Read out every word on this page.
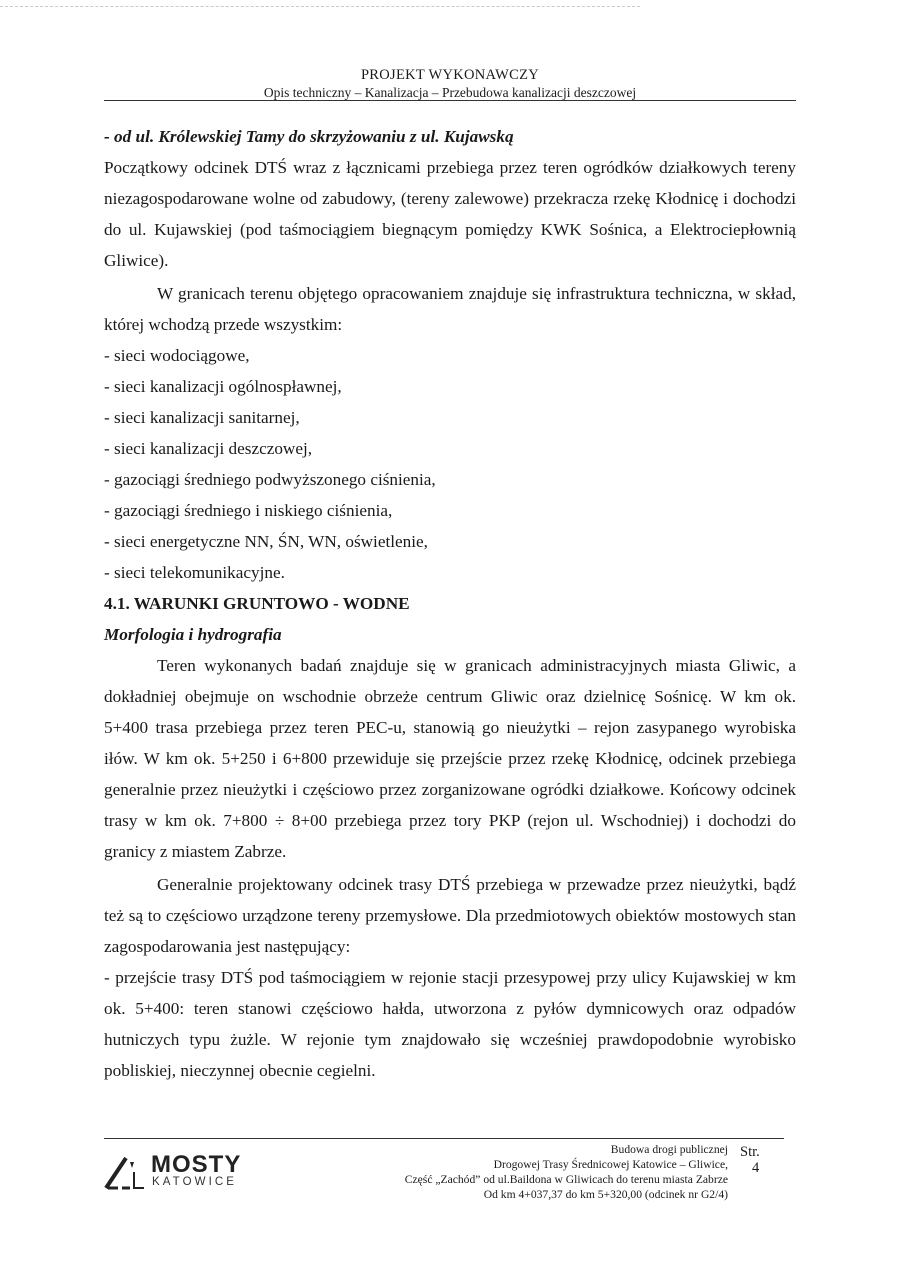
PROJEKT WYKONAWCZY
Opis techniczny – Kanalizacja – Przebudowa kanalizacji deszczowej

- od ul. Królewskiej Tamy do skrzyżowaniu z ul. Kujawską

Początkowy odcinek DTŚ wraz z łącznicami przebiega przez teren ogródków działkowych tereny niezagospodarowane wolne od zabudowy, (tereny zalewowe) przekracza rzekę Kłodnicę i dochodzi do ul. Kujawskiej (pod taśmociągiem biegnącym pomiędzy KWK Sośnica, a Elektrociepłownią Gliwice).

W granicach terenu objętego opracowaniem znajduje się infrastruktura techniczna, w skład, której wchodzą przede wszystkim:

- sieci wodociągowe,
- sieci kanalizacji ogólnospławnej,
- sieci kanalizacji sanitarnej,
- sieci kanalizacji deszczowej,
- gazociągi średniego podwyższonego ciśnienia,
- gazociągi średniego i niskiego ciśnienia,
- sieci energetyczne NN, ŚN, WN, oświetlenie,
- sieci telekomunikacyjne.

4.1. WARUNKI GRUNTOWO - WODNE

Morfologia i hydrografia

Teren wykonanych badań znajduje się w granicach administracyjnych miasta Gliwic, a dokładniej obejmuje on wschodnie obrzeże centrum Gliwic oraz dzielnicę Sośnicę. W km ok. 5+400 trasa przebiega przez teren PEC-u, stanowią go nieużytki – rejon zasypanego wyrobiska iłów. W km ok. 5+250 i 6+800 przewiduje się przejście przez rzekę Kłodnicę, odcinek przebiega generalnie przez nieużytki i częściowo przez zorganizowane ogródki działkowe. Końcowy odcinek trasy w km ok. 7+800 ÷ 8+00 przebiega przez tory PKP (rejon ul. Wschodniej) i dochodzi do granicy z miastem Zabrze.

Generalnie projektowany odcinek trasy DTŚ przebiega w przewadze przez nieużytki, bądź też są to częściowo urządzone tereny przemysłowe. Dla przedmiotowych obiektów mostowych stan zagospodarowania jest następujący:

- przejście trasy DTŚ pod taśmociągiem w rejonie stacji przesypowej przy ulicy Kujawskiej w km ok. 5+400: teren stanowi częściowo hałda, utworzona z pyłów dymnicowych oraz odpadów hutniczych typu żużle. W rejonie tym znajdowało się wcześniej prawdopodobnie wyrobisko pobliskiej, nieczynnej obecnie cegielni.

MOSTY
KATOWICE
Budowa drogi publicznej
Drogowej Trasy Średnicowej Katowice – Gliwice,
Część „Zachód” od ul.Baildona w Gliwicach do terenu miasta Zabrze
Od km 4+037,37 do km 5+320,00 (odcinek nr G2/4)
Str.
4
